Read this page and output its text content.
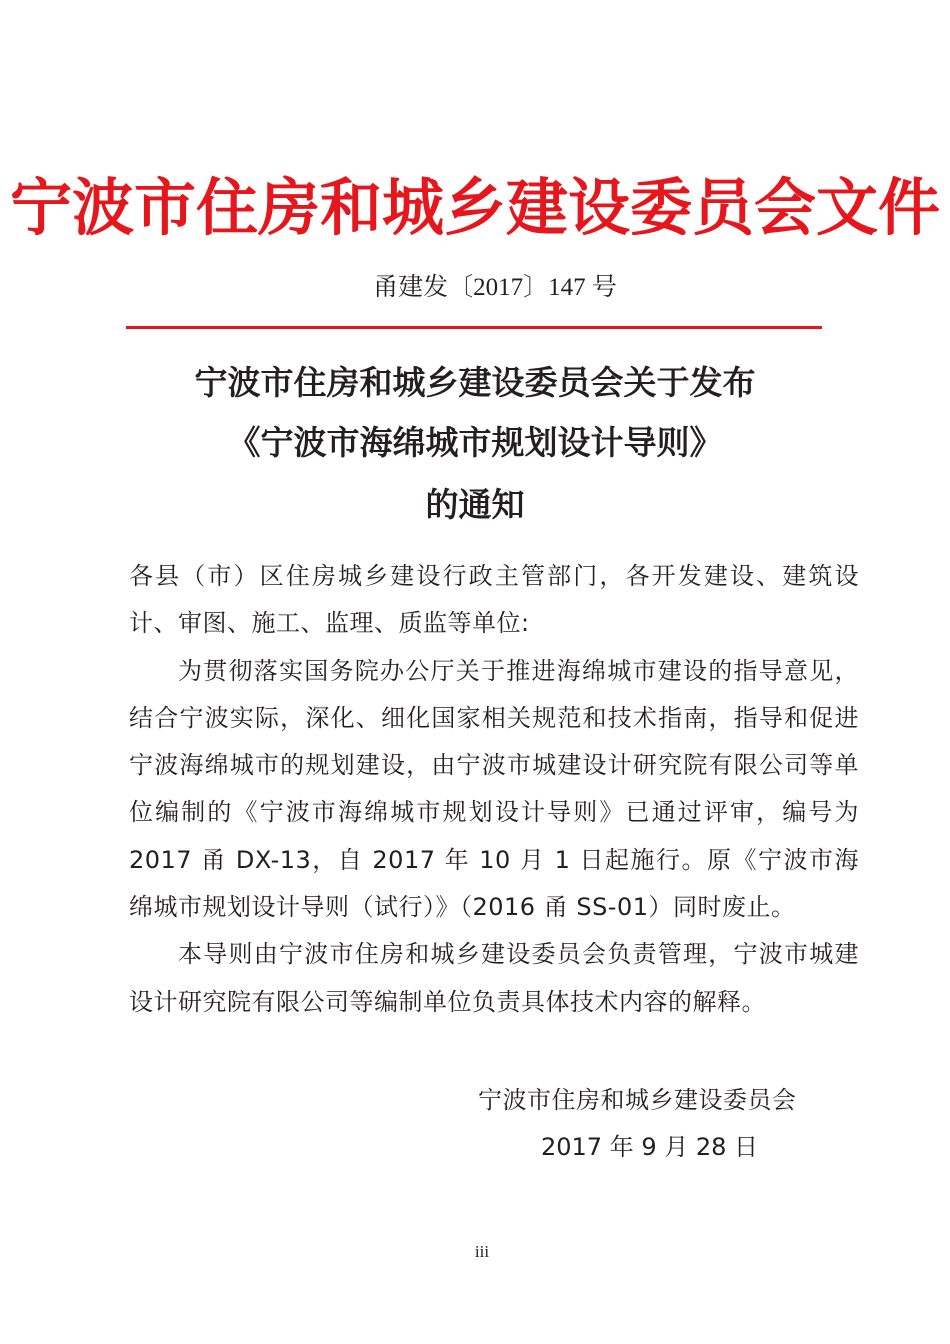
宁波市住房和城乡建设委员会文件
甬建发〔2017〕147 号
宁波市住房和城乡建设委员会关于发布
《宁波市海绵城市规划设计导则》
的通知

各县（市）区住房城乡建设行政主管部门，各开发建设、建筑设计、审图、施工、监理、质监等单位:

为贯彻落实国务院办公厅关于推进海绵城市建设的指导意见，结合宁波实际，深化、细化国家相关规范和技术指南，指导和促进宁波海绵城市的规划建设，由宁波市城建设计研究院有限公司等单位编制的《宁波市海绵城市规划设计导则》已通过评审，编号为 2017 甬 DX-13，自 2017 年 10 月 1 日起施行。原《宁波市海绵城市规划设计导则（试行）》（2016 甬 SS-01）同时废止。

本导则由宁波市住房和城乡建设委员会负责管理，宁波市城建设计研究院有限公司等编制单位负责具体技术内容的解释。

宁波市住房和城乡建设委员会
2017 年 9 月 28 日
iii
